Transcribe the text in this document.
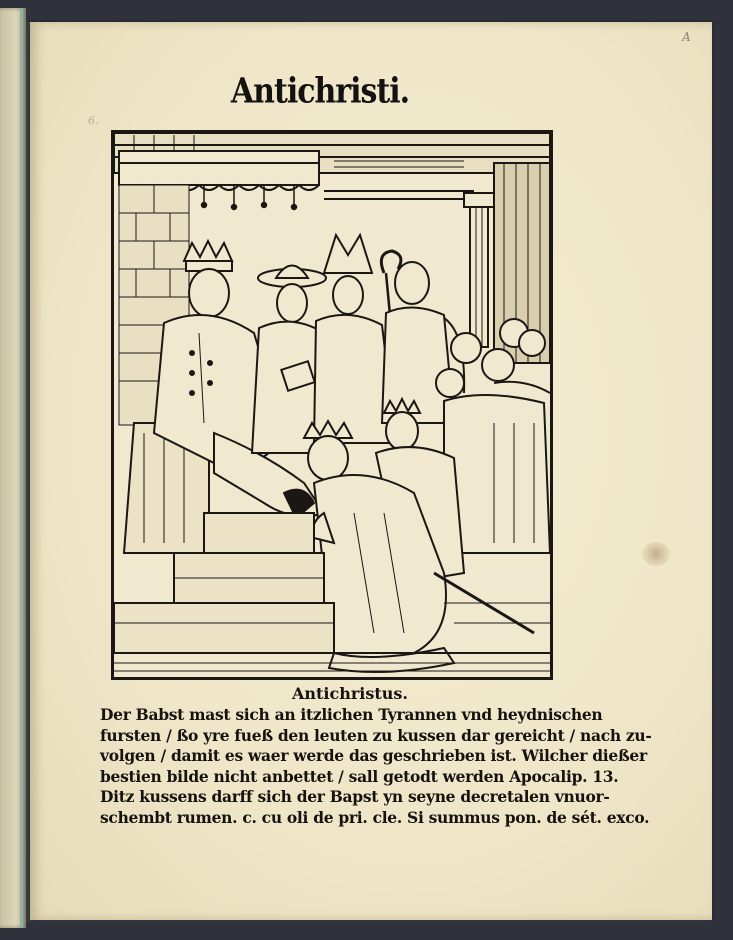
A
6.
Antichristi.
Antichristus.
Der Babst mast sich an itzlichen Tyrannen vnd heydnischen
fursten / ßo yre fueß den leuten zu kussen dar gereicht / nach zu-
volgen / damit es waer werde das geschrieben ist. Wilcher dießer
bestien bilde nicht anbettet / sall getodt werden Apocalip. 13.
Ditz kussens darff sich der Bapst yn seyne decretalen vnuor-
schembt rumen. c. cu oli de pri. cle. Si summus pon. de sét. exco.
